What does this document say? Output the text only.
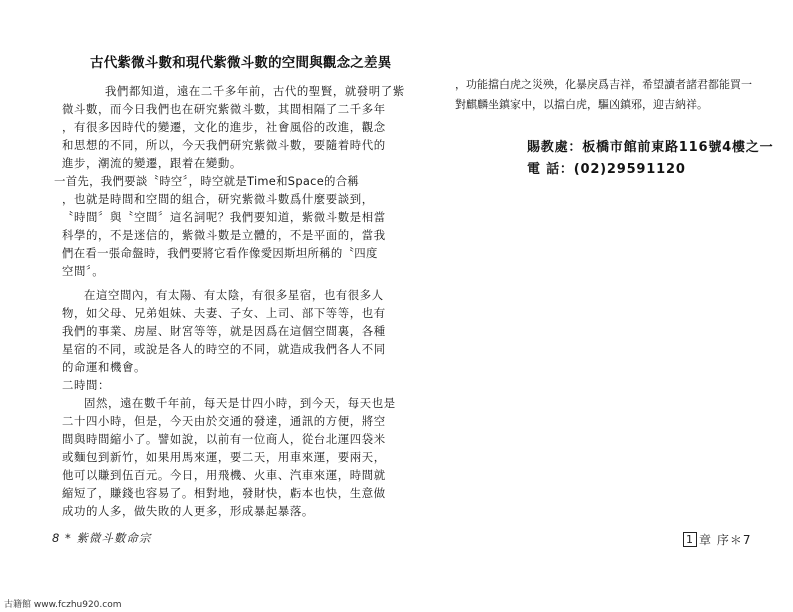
古代紫微斗數和現代紫微斗數的空間與觀念之差異
我們都知道，遠在二千多年前，古代的聖賢，就發明了紫
微斗數，而今日我們也在研究紫微斗數，其間相隔了二千多年
，有很多因時代的變遷，文化的進步，社會風俗的改進，觀念
和思想的不同，所以，今天我們研究紫微斗數，要隨着時代的
進步，潮流的變遷，跟着在變動。
一首先，我們要談〝時空〞，時空就是Time和Space的合稱
，也就是時間和空間的組合，研究紫微斗數爲什麼要談到，
〝時間〞與〝空間〞這名詞呢？我們要知道，紫微斗數是相當
科學的，不是迷信的，紫微斗數是立體的，不是平面的，當我
們在看一張命盤時，我們要將它看作像愛因斯坦所稱的〝四度
空間〞。
在這空間內，有太陽、有太陰，有很多星宿，也有很多人
物，如父母、兄弟姐妹、夫妻、子女、上司、部下等等，也有
我們的事業、房屋、財宮等等，就是因爲在這個空間裏，各種
星宿的不同，或說是各人的時空的不同，就造成我們各人不同
的命運和機會。
二時間：
固然，遠在數千年前，每天是廿四小時，到今天，每天也是
二十四小時，但是，今天由於交通的發達，通訊的方便，將空
間與時間縮小了。譬如說，以前有一位商人，從台北運四袋米
或麵包到新竹，如果用馬來運，要二天，用車來運，要兩天，
他可以賺到伍百元。今日，用飛機、火車、汽車來運，時間就
縮短了，賺錢也容易了。相對地，發財快，虧本也快，生意做
成功的人多，做失敗的人更多，形成暴起暴落。
8 * 紫微斗數命宗
，功能擋白虎之災殃，化暴戾爲吉祥，希望讀者諸君都能買一
對麒麟坐鎮家中，以擋白虎，驅凶鎮邪，迎吉納祥。
賜教處：板橋市館前東路116號4樓之一
電 話：(02)29591120
1 章 序＊7
古籍館 www.fczhu920.com
